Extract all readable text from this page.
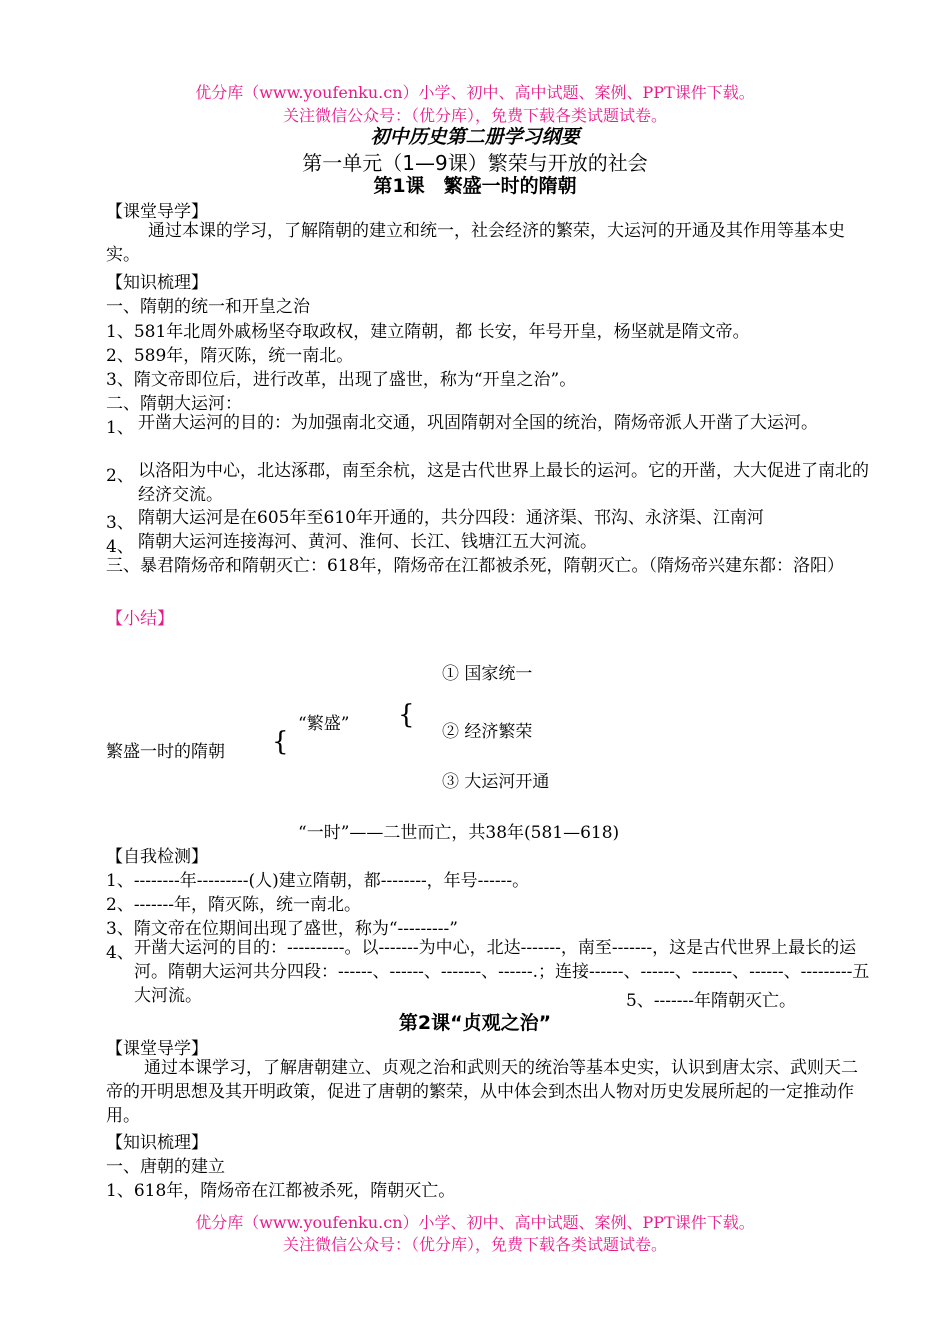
优分库（www.youfenku.cn）小学、初中、高中试题、案例、PPT课件下载。
关注微信公众号：（优分库），免费下载各类试题试卷。
初中历史第二册学习纲要
第一单元（1—9课）繁荣与开放的社会
第1课　繁盛一时的隋朝
【课堂导学】
通过本课的学习，了解隋朝的建立和统一，社会经济的繁荣，大运河的开通及其作用等基本史实。
【知识梳理】
一、隋朝的统一和开皇之治
1、581年北周外戚杨坚夺取政权，建立隋朝，都 长安，年号开皇，杨坚就是隋文帝。
2、589年，隋灭陈，统一南北。
3、隋文帝即位后，进行改革，出现了盛世，称为“开皇之治”。
二、隋朝大运河：
1、 开凿大运河的目的：为加强南北交通，巩固隋朝对全国的统治，隋炀帝派人开凿了大运河。
2、 以洛阳为中心，北达涿郡，南至余杭，这是古代世界上最长的运河。它的开凿，大大促进了南北的经济交流。
3、 隋朝大运河是在605年至610年开通的，共分四段：通济渠、邗沟、永济渠、江南河
4、 隋朝大运河连接海河、黄河、淮何、长江、钱塘江五大河流。
三、暴君隋炀帝和隋朝灭亡：618年，隋炀帝在江都被杀死，隋朝灭亡。（隋炀帝兴建东都：洛阳）
【小结】
① 国家统一
“繁盛” {
② 经济繁荣
繁盛一时的隋朝 {
③ 大运河开通
“一时”——二世而亡，共38年(581—618)
【自我检测】
1、--------年---------(人)建立隋朝，都--------，年号------。
2、-------年，隋灭陈，统一南北。
3、隋文帝在位期间出现了盛世，称为“---------”
4、 开凿大运河的目的：----------。以-------为中心，北达-------，南至-------，这是古代世界上最长的运河。隋朝大运河共分四段：------、------、-------、------.；连接------、------、-------、------、---------五大河流。	5、-------年隋朝灭亡。
第2课“贞观之治”
【课堂导学】
通过本课学习，了解唐朝建立、贞观之治和武则天的统治等基本史实，认识到唐太宗、武则天二帝的开明思想及其开明政策，促进了唐朝的繁荣，从中体会到杰出人物对历史发展所起的一定推动作用。
【知识梳理】
一、唐朝的建立
1、618年，隋炀帝在江都被杀死，隋朝灭亡。
优分库（www.youfenku.cn）小学、初中、高中试题、案例、PPT课件下载。
关注微信公众号：（优分库），免费下载各类试题试卷。
